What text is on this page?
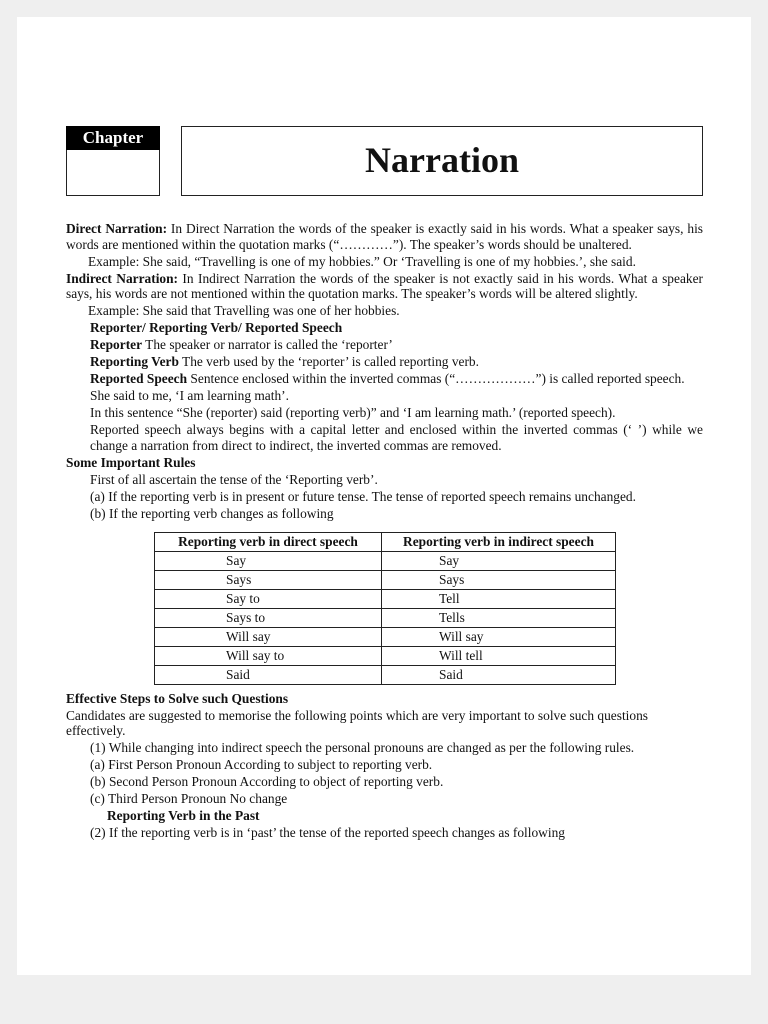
Chapter
Narration

Direct Narration: In Direct Narration the words of the speaker is exactly said in his words. What a speaker says, his words are mentioned within the quotation marks (“…………”). The speaker’s words should be unaltered.

Example: She said, “Travelling is one of my hobbies.” Or ‘Travelling is one of my hobbies.’, she said.

Indirect Narration: In Indirect Narration the words of the speaker is not exactly said in his words. What a speaker says, his words are not mentioned within the quotation marks. The speaker’s words will be altered slightly.

Example: She said that Travelling was one of her hobbies.

Reporter/ Reporting Verb/ Reported Speech

Reporter The speaker or narrator is called the ‘reporter’

Reporting Verb The verb used by the ‘reporter’ is called reporting verb.

Reported Speech Sentence enclosed within the inverted commas (“………………”) is called reported speech.

She said to me, ‘I am learning math’.

In this sentence “She (reporter) said (reporting verb)” and ‘I am learning math.’ (reported speech).

Reported speech always begins with a capital letter and enclosed within the inverted commas (‘ ’) while we change a narration from direct to indirect, the inverted commas are removed.

Some Important Rules

First of all ascertain the tense of the ‘Reporting verb’.

(a) If the reporting verb is in present or future tense. The tense of reported speech remains unchanged.

(b) If the reporting verb changes as following

Reporting verb in direct speech	Reporting verb in indirect speech
Say	Say
Says	Says
Say to	Tell
Says to	Tells
Will say	Will say
Will say to	Will tell
Said	Said

Effective Steps to Solve such Questions

Candidates are suggested to memorise the following points which are very important to solve such questions effectively.

(1) While changing into indirect speech the personal pronouns are changed as per the following rules.

(a) First Person Pronoun According to subject to reporting verb.

(b) Second Person Pronoun According to object of reporting verb.

(c) Third Person Pronoun No change

Reporting Verb in the Past

(2) If the reporting verb is in ‘past’ the tense of the reported speech changes as following
